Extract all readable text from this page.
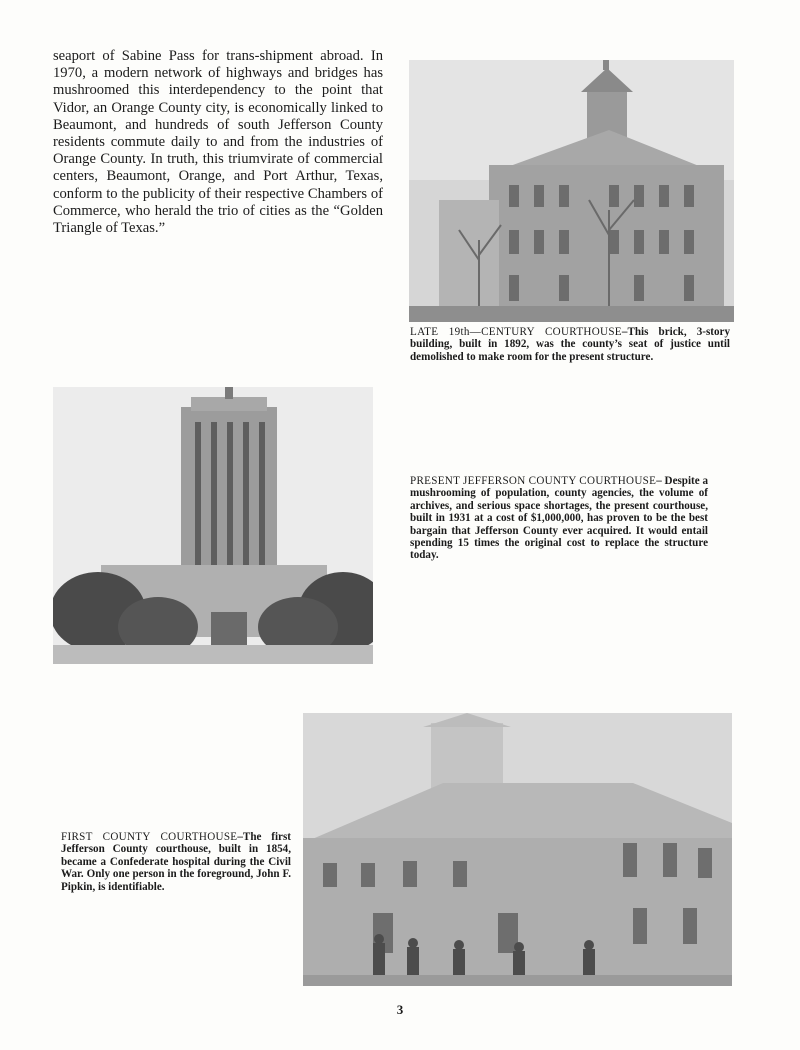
seaport of Sabine Pass for trans-shipment abroad. In 1970, a modern network of highways and bridges has mushroomed this interdependency to the point that Vidor, an Orange County city, is economically linked to Beaumont, and hundreds of south Jefferson County residents commute daily to and from the industries of Orange County. In truth, this triumvirate of commercial centers, Beaumont, Orange, and Port Arthur, Texas, conform to the publicity of their respective Chambers of Commerce, who herald the trio of cities as the “Golden Triangle of Texas.”

LATE 19th—CENTURY COURTHOUSE–This brick, 3-story building, built in 1892, was the county’s seat of justice until demolished to make room for the present structure.

PRESENT JEFFERSON COUNTY COURTHOUSE– Despite a mushrooming of population, county agencies, the volume of archives, and serious space shortages, the present courthouse, built in 1931 at a cost of $1,000,000, has proven to be the best bargain that Jefferson County ever acquired. It would entail spending 15 times the original cost to replace the structure today.

FIRST COUNTY COURTHOUSE–The first Jefferson County courthouse, built in 1854, became a Confederate hospital during the Civil War. Only one person in the foreground, John F. Pipkin, is identifiable.

3
